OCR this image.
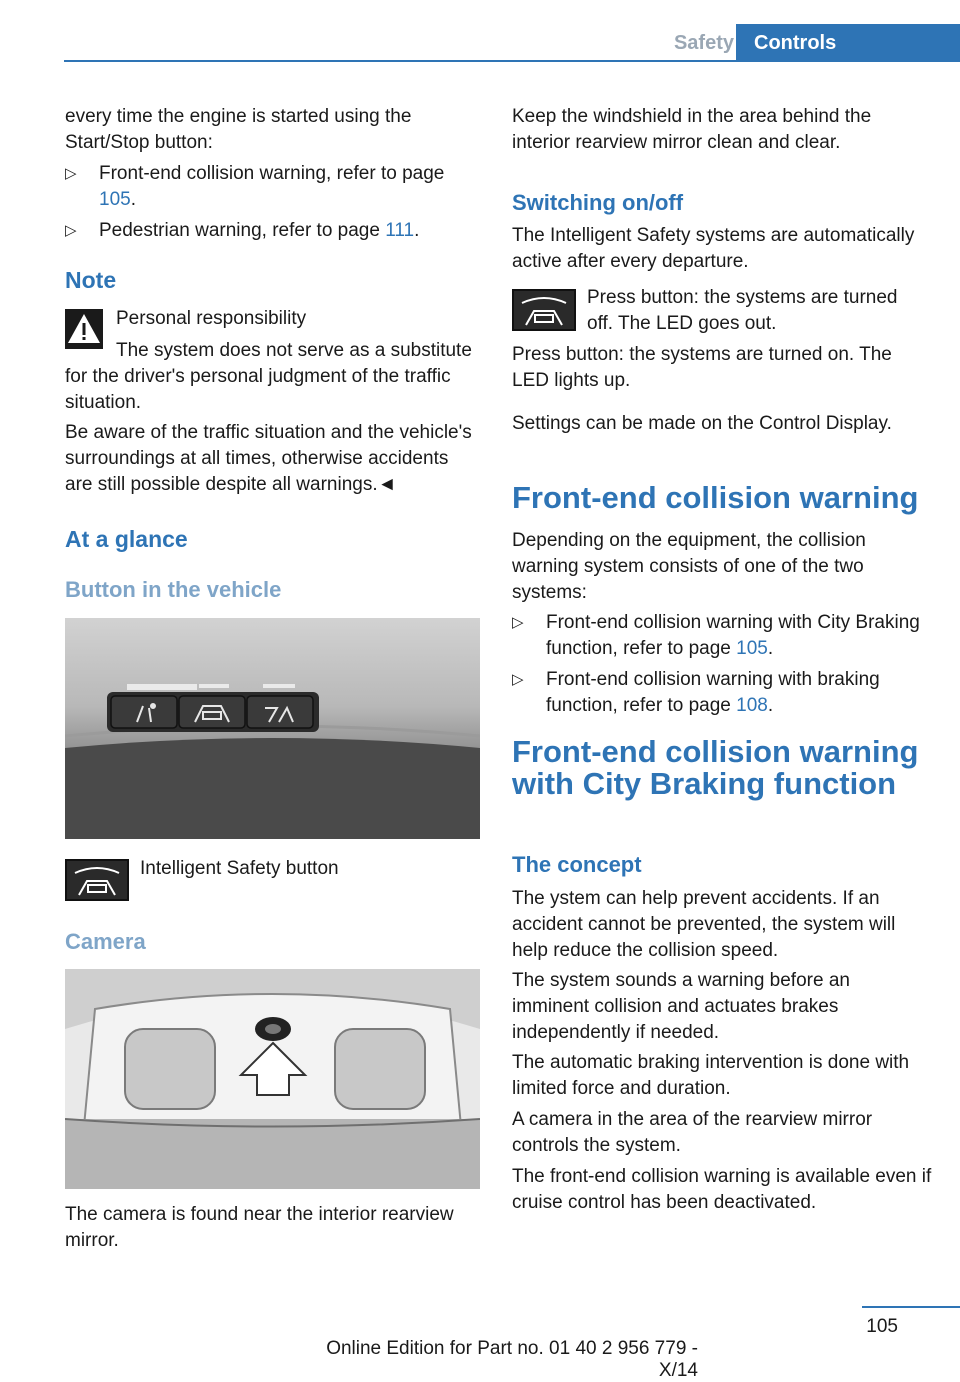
Safety	Controls
every time the engine is started using the Start/Stop button:
▷ Front-end collision warning, refer to page 105.
▷ Pedestrian warning, refer to page 111.
Note
Personal responsibility
The system does not serve as a substitute for the driver's personal judgment of the traffic situation.
Be aware of the traffic situation and the vehicle's surroundings at all times, otherwise accidents are still possible despite all warnings.◄
At a glance
Button in the vehicle
Intelligent Safety button
Camera
The camera is found near the interior rearview mirror.
Keep the windshield in the area behind the interior rearview mirror clean and clear.
Switching on/off
The Intelligent Safety systems are automatically active after every departure.
Press button: the systems are turned off. The LED goes out.
Press button: the systems are turned on. The LED lights up.
Settings can be made on the Control Display.
Front-end collision warning
Depending on the equipment, the collision warning system consists of one of the two systems:
▷ Front-end collision warning with City Braking function, refer to page 105.
▷ Front-end collision warning with braking function, refer to page 108.
Front-end collision warning
with City Braking function
The concept
The ystem can help prevent accidents. If an accident cannot be prevented, the system will help reduce the collision speed.
The system sounds a warning before an imminent collision and actuates brakes independently if needed.
The automatic braking intervention is done with limited force and duration.
A camera in the area of the rearview mirror controls the system.
The front-end collision warning is available even if cruise control has been deactivated.
105
Online Edition for Part no. 01 40 2 956 779 - X/14
